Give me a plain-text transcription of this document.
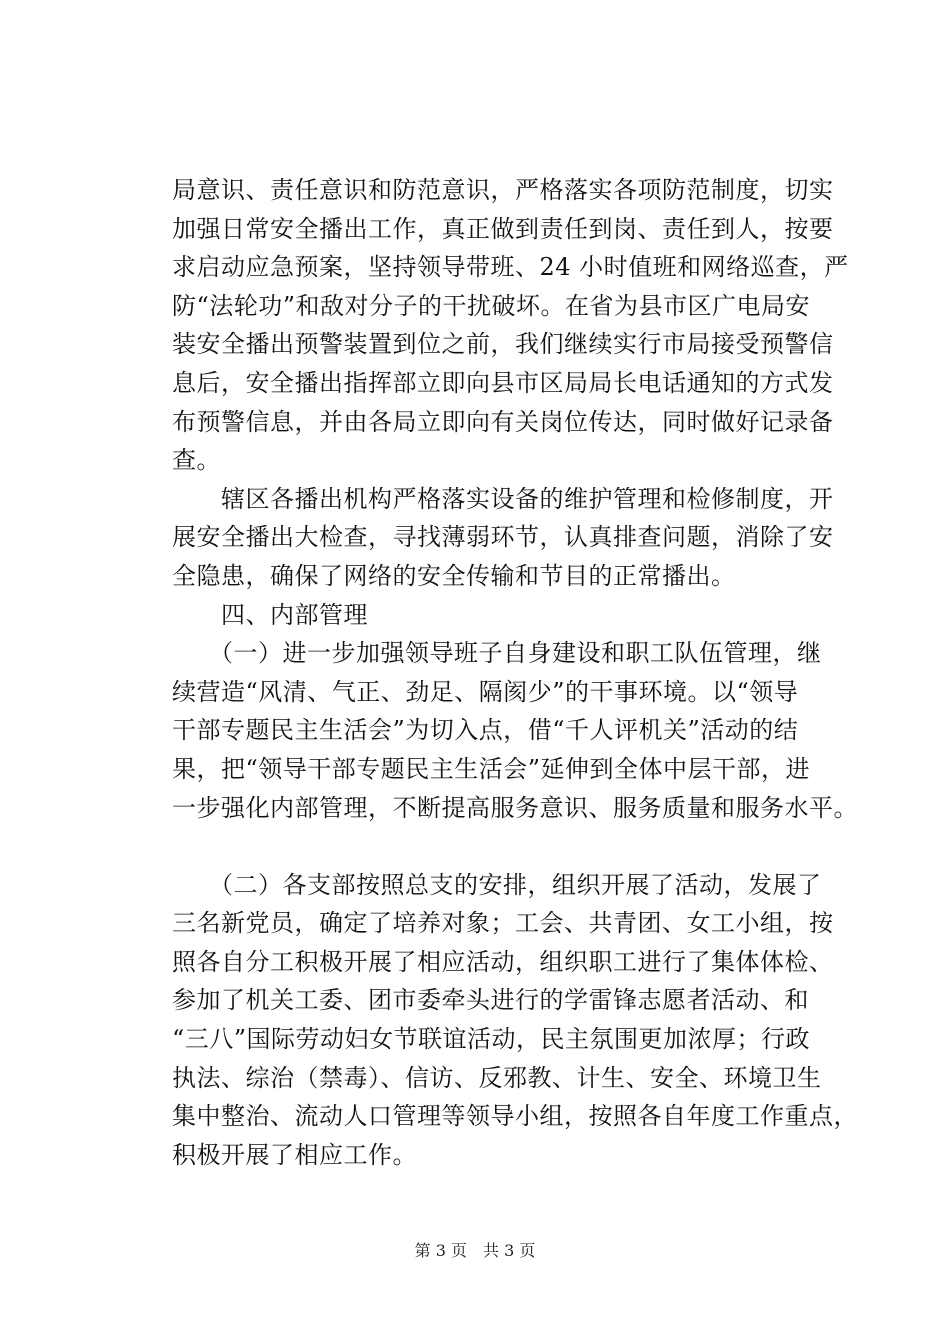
局意识、责任意识和防范意识，严格落实各项防范制度，切实
加强日常安全播出工作，真正做到责任到岗、责任到人，按要
求启动应急预案，坚持领导带班、24 小时值班和网络巡查，严
防“法轮功”和敌对分子的干扰破坏。在省为县市区广电局安
装安全播出预警装置到位之前，我们继续实行市局接受预警信
息后，安全播出指挥部立即向县市区局局长电话通知的方式发
布预警信息，并由各局立即向有关岗位传达，同时做好记录备
查。
　　辖区各播出机构严格落实设备的维护管理和检修制度，开
展安全播出大检查，寻找薄弱环节，认真排查问题，消除了安
全隐患，确保了网络的安全传输和节目的正常播出。
　　四、内部管理
　　（一）进一步加强领导班子自身建设和职工队伍管理，继
续营造“风清、气正、劲足、隔阂少”的干事环境。以“领导
干部专题民主生活会”为切入点，借“千人评机关”活动的结
果，把“领导干部专题民主生活会”延伸到全体中层干部，进
一步强化内部管理，不断提高服务意识、服务质量和服务水平。
　　（二）各支部按照总支的安排，组织开展了活动，发展了
三名新党员，确定了培养对象；工会、共青团、女工小组，按
照各自分工积极开展了相应活动，组织职工进行了集体体检、
参加了机关工委、团市委牵头进行的学雷锋志愿者活动、和
“三八”国际劳动妇女节联谊活动，民主氛围更加浓厚；行政
执法、综治（禁毒）、信访、反邪教、计生、安全、环境卫生
集中整治、流动人口管理等领导小组，按照各自年度工作重点，
积极开展了相应工作。
第 3 页　共 3 页
